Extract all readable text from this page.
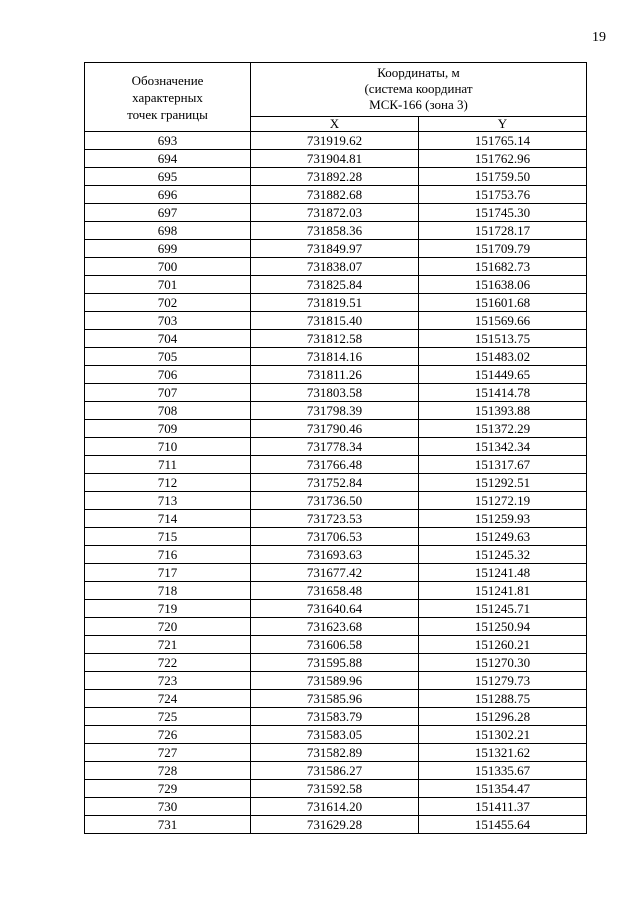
19
Обозначение
характерных
точек границы	Координаты, м
(система координат
МСК-166 (зона 3)	
	X	Y
693	731919.62	151765.14
694	731904.81	151762.96
695	731892.28	151759.50
696	731882.68	151753.76
697	731872.03	151745.30
698	731858.36	151728.17
699	731849.97	151709.79
700	731838.07	151682.73
701	731825.84	151638.06
702	731819.51	151601.68
703	731815.40	151569.66
704	731812.58	151513.75
705	731814.16	151483.02
706	731811.26	151449.65
707	731803.58	151414.78
708	731798.39	151393.88
709	731790.46	151372.29
710	731778.34	151342.34
711	731766.48	151317.67
712	731752.84	151292.51
713	731736.50	151272.19
714	731723.53	151259.93
715	731706.53	151249.63
716	731693.63	151245.32
717	731677.42	151241.48
718	731658.48	151241.81
719	731640.64	151245.71
720	731623.68	151250.94
721	731606.58	151260.21
722	731595.88	151270.30
723	731589.96	151279.73
724	731585.96	151288.75
725	731583.79	151296.28
726	731583.05	151302.21
727	731582.89	151321.62
728	731586.27	151335.67
729	731592.58	151354.47
730	731614.20	151411.37
731	731629.28	151455.64
